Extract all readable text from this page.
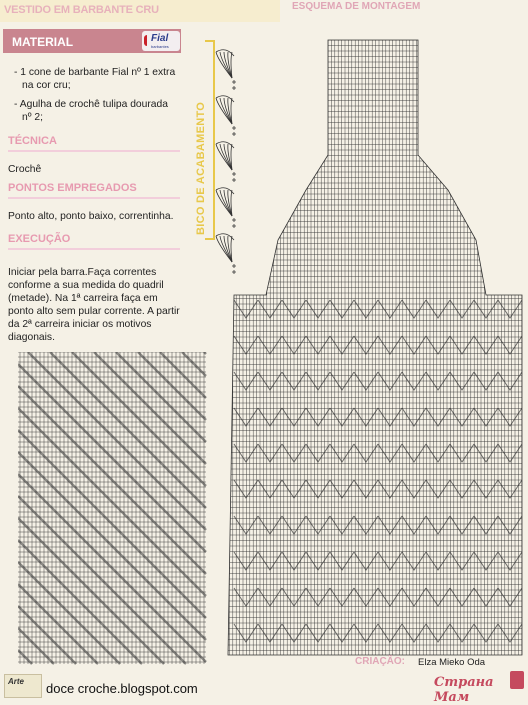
VESTIDO EM BARBANTE CRU
MATERIAL	Fial
barbantes
- 1 cone de barbante Fial nº 1 extra
na cor cru;
- Agulha de crochê tulipa dourada
nº 2;
TÉCNICA
Crochê
PONTOS EMPREGADOS
Ponto alto, ponto baixo, correntinha.
EXECUÇÃO
Iniciar pela barra.Faça correntes
conforme a sua medida do quadril
(metade). Na 1ª carreira faça em
ponto alto sem pular corrente. A partir
da 2ª carreira iniciar os motivos
diagonais.
BICO DE ACABAMENTO
ESQUEMA DE MONTAGEM
CRIAÇÃO: Elza Mieko Oda
Arte doce croche.blogspot.com	Страна Мам
